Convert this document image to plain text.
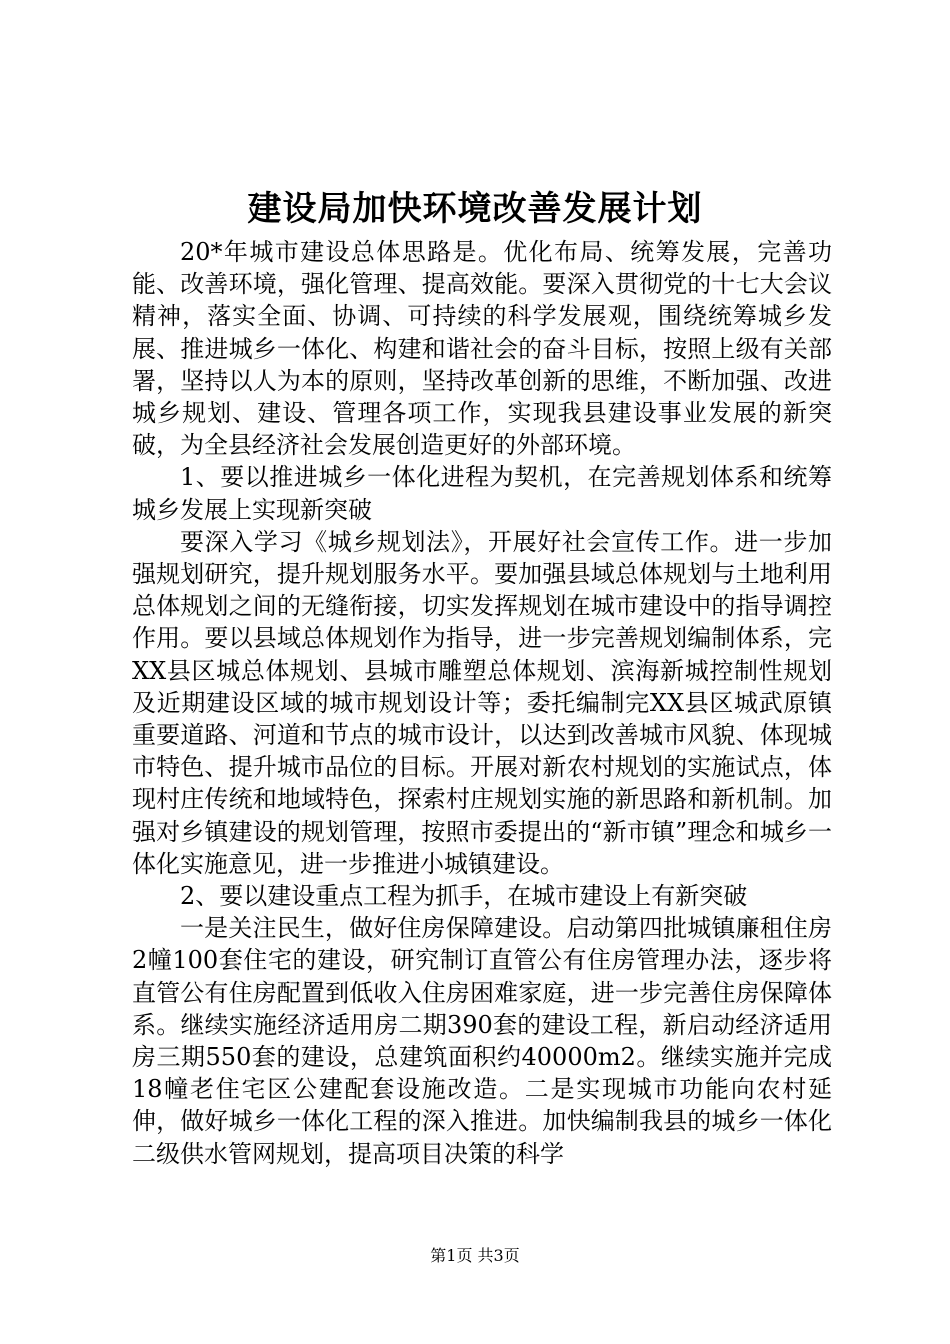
建设局加快环境改善发展计划

20*年城市建设总体思路是。优化布局、统筹发展，完善功能、改善环境，强化管理、提高效能。要深入贯彻党的十七大会议精神，落实全面、协调、可持续的科学发展观，围绕统筹城乡发展、推进城乡一体化、构建和谐社会的奋斗目标，按照上级有关部署，坚持以人为本的原则，坚持改革创新的思维，不断加强、改进城乡规划、建设、管理各项工作，实现我县建设事业发展的新突破，为全县经济社会发展创造更好的外部环境。

1、要以推进城乡一体化进程为契机，在完善规划体系和统筹城乡发展上实现新突破

要深入学习《城乡规划法》，开展好社会宣传工作。进一步加强规划研究，提升规划服务水平。要加强县域总体规划与土地利用总体规划之间的无缝衔接，切实发挥规划在城市建设中的指导调控作用。要以县域总体规划作为指导，进一步完善规划编制体系，完XX县区城总体规划、县城市雕塑总体规划、滨海新城控制性规划及近期建设区域的城市规划设计等；委托编制完XX县区城武原镇重要道路、河道和节点的城市设计，以达到改善城市风貌、体现城市特色、提升城市品位的目标。开展对新农村规划的实施试点，体现村庄传统和地域特色，探索村庄规划实施的新思路和新机制。加强对乡镇建设的规划管理，按照市委提出的“新市镇”理念和城乡一体化实施意见，进一步推进小城镇建设。

2、要以建设重点工程为抓手，在城市建设上有新突破

一是关注民生，做好住房保障建设。启动第四批城镇廉租住房2幢100套住宅的建设，研究制订直管公有住房管理办法，逐步将直管公有住房配置到低收入住房困难家庭，进一步完善住房保障体系。继续实施经济适用房二期390套的建设工程，新启动经济适用房三期550套的建设，总建筑面积约40000m2。继续实施并完成18幢老住宅区公建配套设施改造。二是实现城市功能向农村延伸，做好城乡一体化工程的深入推进。加快编制我县的城乡一体化二级供水管网规划，提高项目决策的科学

第1页 共3页
